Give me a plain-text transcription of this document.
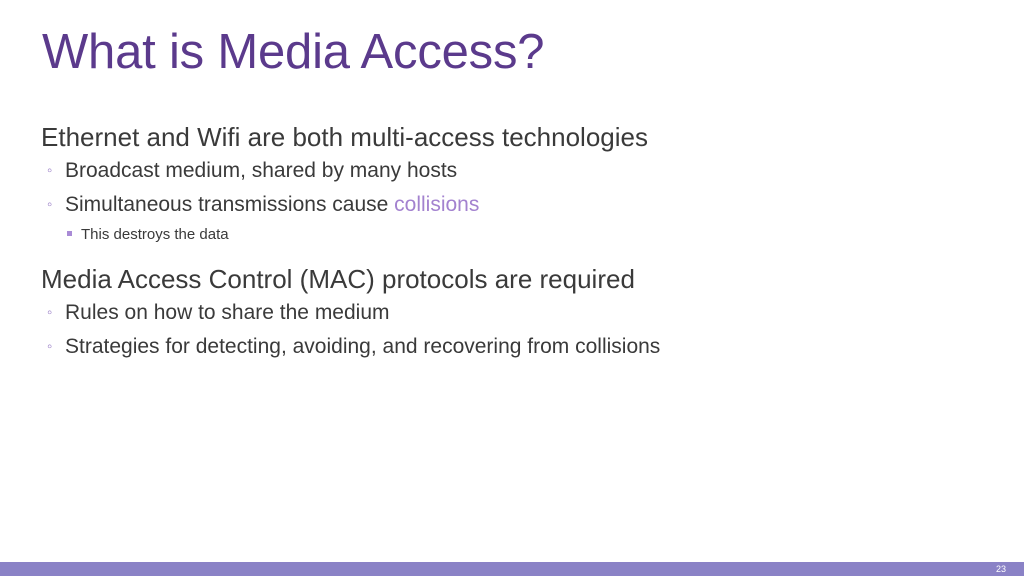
What is Media Access?
Ethernet and Wifi are both multi-access technologies
◦ Broadcast medium, shared by many hosts
◦ Simultaneous transmissions cause collisions
This destroys the data
Media Access Control (MAC) protocols are required
◦ Rules on how to share the medium
◦ Strategies for detecting, avoiding, and recovering from collisions
23
